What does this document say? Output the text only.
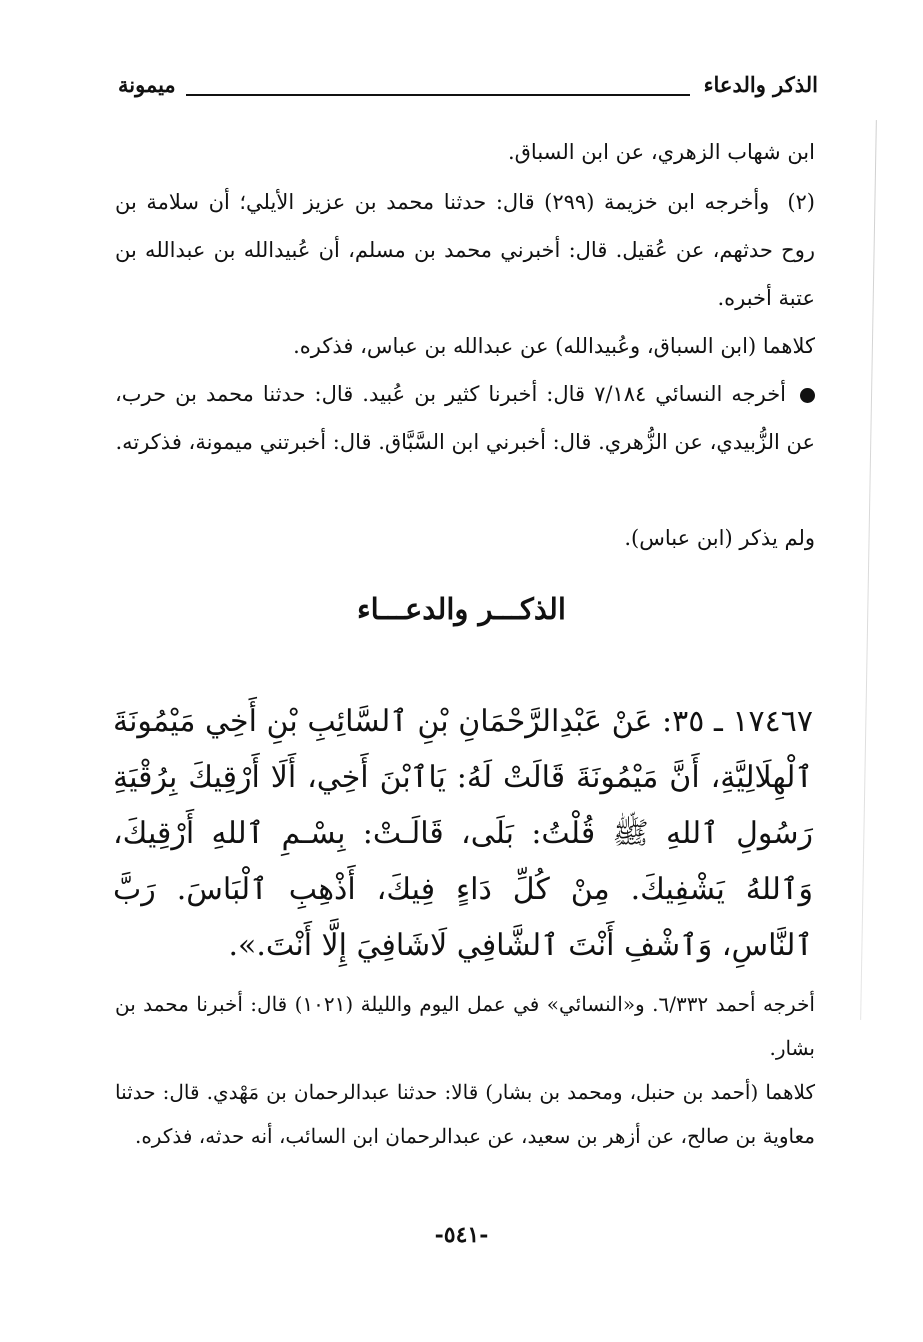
الذكر والدعاء
ميمونة

ابن شهاب الزهري، عن ابن السباق.

(٢)وأخرجه ابن خزيمة (٢٩٩) قال: حدثنا محمد بن عزيز الأيلي؛ أن سلامة بن روح حدثهم، عن عُقيل. قال: أخبرني محمد بن مسلم، أن عُبيدالله بن عبدالله بن عتبة أخبره.

كلاهما (ابن السباق، وعُبيدالله) عن عبدالله بن عباس، فذكره.

أخرجه النسائي ٧/١٨٤ قال: أخبرنا كثير بن عُبيد. قال: حدثنا محمد بن حرب، عن الزُّبيدي، عن الزُّهري. قال: أخبرني ابن السَّبَّاق. قال: أخبرتني ميمونة، فذكرته.

ولم يذكر (ابن عباس).

الذكـــر والدعـــاء

١٧٤٦٧ ـ ٣٥: عَنْ عَبْدِالرَّحْمَانِ بْنِ ٱلسَّائِبِ بْنِ أَخِي مَيْمُونَةَ ٱلْهِلَالِيَّةِ، أَنَّ مَيْمُونَةَ قَالَتْ لَهُ: يَاٱبْنَ أَخِي، أَلَا أَرْقِيكَ بِرُقْيَةِ رَسُولِ ٱللهِ ﷺ قُلْتُ: بَلَى، قَالَـتْ: بِسْـمِ ٱللهِ أَرْقِيكَ، وَٱللهُ يَشْفِيكَ. مِنْ كُلِّ دَاءٍ فِيكَ، أَذْهِبِ ٱلْبَاسَ. رَبَّ ٱلنَّاسِ، وَٱشْفِ أَنْتَ ٱلشَّافِي لَاشَافِيَ إِلَّا أَنْتَ.».

أخرجه أحمد ٦/٣٣٢. و«النسائي» في عمل اليوم والليلة (١٠٢١) قال: أخبرنا محمد بن بشار.

كلاهما (أحمد بن حنبل، ومحمد بن بشار) قالا: حدثنا عبدالرحمان بن مَهْدي. قال: حدثنا معاوية بن صالح، عن أزهر بن سعيد، عن عبدالرحمان ابن السائب، أنه حدثه، فذكره.

-٥٤١-
